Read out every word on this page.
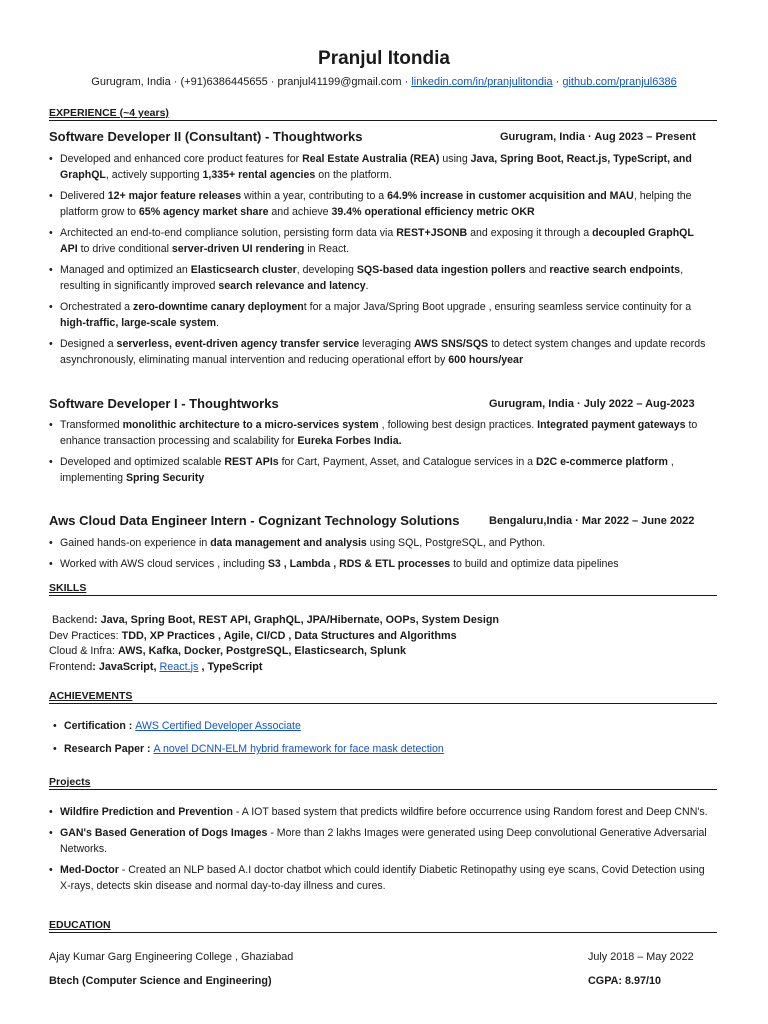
Pranjul Itondia
Gurugram, India · (+91)6386445655 · pranjul41199@gmail.com · linkedin.com/in/pranjulitondia · github.com/pranjul6386
EXPERIENCE (~4 years)
Software Developer II (Consultant) - Thoughtworks	Gurugram, India · Aug 2023 – Present
• Developed and enhanced core product features for Real Estate Australia (REA) using Java, Spring Boot, React.js, TypeScript, and GraphQL, actively supporting 1,335+ rental agencies on the platform.
• Delivered 12+ major feature releases within a year, contributing to a 64.9% increase in customer acquisition and MAU, helping the platform grow to 65% agency market share and achieve 39.4% operational efficiency metric OKR
• Architected an end-to-end compliance solution, persisting form data via REST+JSONB and exposing it through a decoupled GraphQL API to drive conditional server-driven UI rendering in React.
• Managed and optimized an Elasticsearch cluster, developing SQS-based data ingestion pollers and reactive search endpoints, resulting in significantly improved search relevance and latency.
• Orchestrated a zero-downtime canary deployment for a major Java/Spring Boot upgrade , ensuring seamless service continuity for a high-traffic, large-scale system.
• Designed a serverless, event-driven agency transfer service leveraging AWS SNS/SQS to detect system changes and update records asynchronously, eliminating manual intervention and reducing operational effort by 600 hours/year
Software Developer I - Thoughtworks	Gurugram, India · July 2022 – Aug-2023
• Transformed monolithic architecture to a micro-services system , following best design practices. Integrated payment gateways to enhance transaction processing and scalability for Eureka Forbes India.
• Developed and optimized scalable REST APIs for Cart, Payment, Asset, and Catalogue services in a D2C e-commerce platform , implementing Spring Security
Aws Cloud Data Engineer Intern - Cognizant Technology Solutions	Bengaluru,India · Mar 2022 – June 2022
• Gained hands-on experience in data management and analysis using SQL, PostgreSQL, and Python.
• Worked with AWS cloud services , including S3 , Lambda , RDS & ETL processes to build and optimize data pipelines
SKILLS
Backend: Java, Spring Boot, REST API, GraphQL, JPA/Hibernate, OOPs, System Design
Dev Practices: TDD, XP Practices , Agile, CI/CD , Data Structures and Algorithms
Cloud & Infra: AWS, Kafka, Docker, PostgreSQL, Elasticsearch, Splunk
Frontend: JavaScript, React.js , TypeScript
ACHIEVEMENTS
• Certification : AWS Certified Developer Associate
• Research Paper : A novel DCNN-ELM hybrid framework for face mask detection
Projects
• Wildfire Prediction and Prevention - A IOT based system that predicts wildfire before occurrence using Random forest and Deep CNN's.
• GAN's Based Generation of Dogs Images - More than 2 lakhs Images were generated using Deep convolutional Generative Adversarial Networks.
• Med-Doctor - Created an NLP based A.I doctor chatbot which could identify Diabetic Retinopathy using eye scans, Covid Detection using X-rays, detects skin disease and normal day-to-day illness and cures.
EDUCATION
Ajay Kumar Garg Engineering College , Ghaziabad	July 2018 – May 2022
Btech (Computer Science and Engineering)	CGPA: 8.97/10
